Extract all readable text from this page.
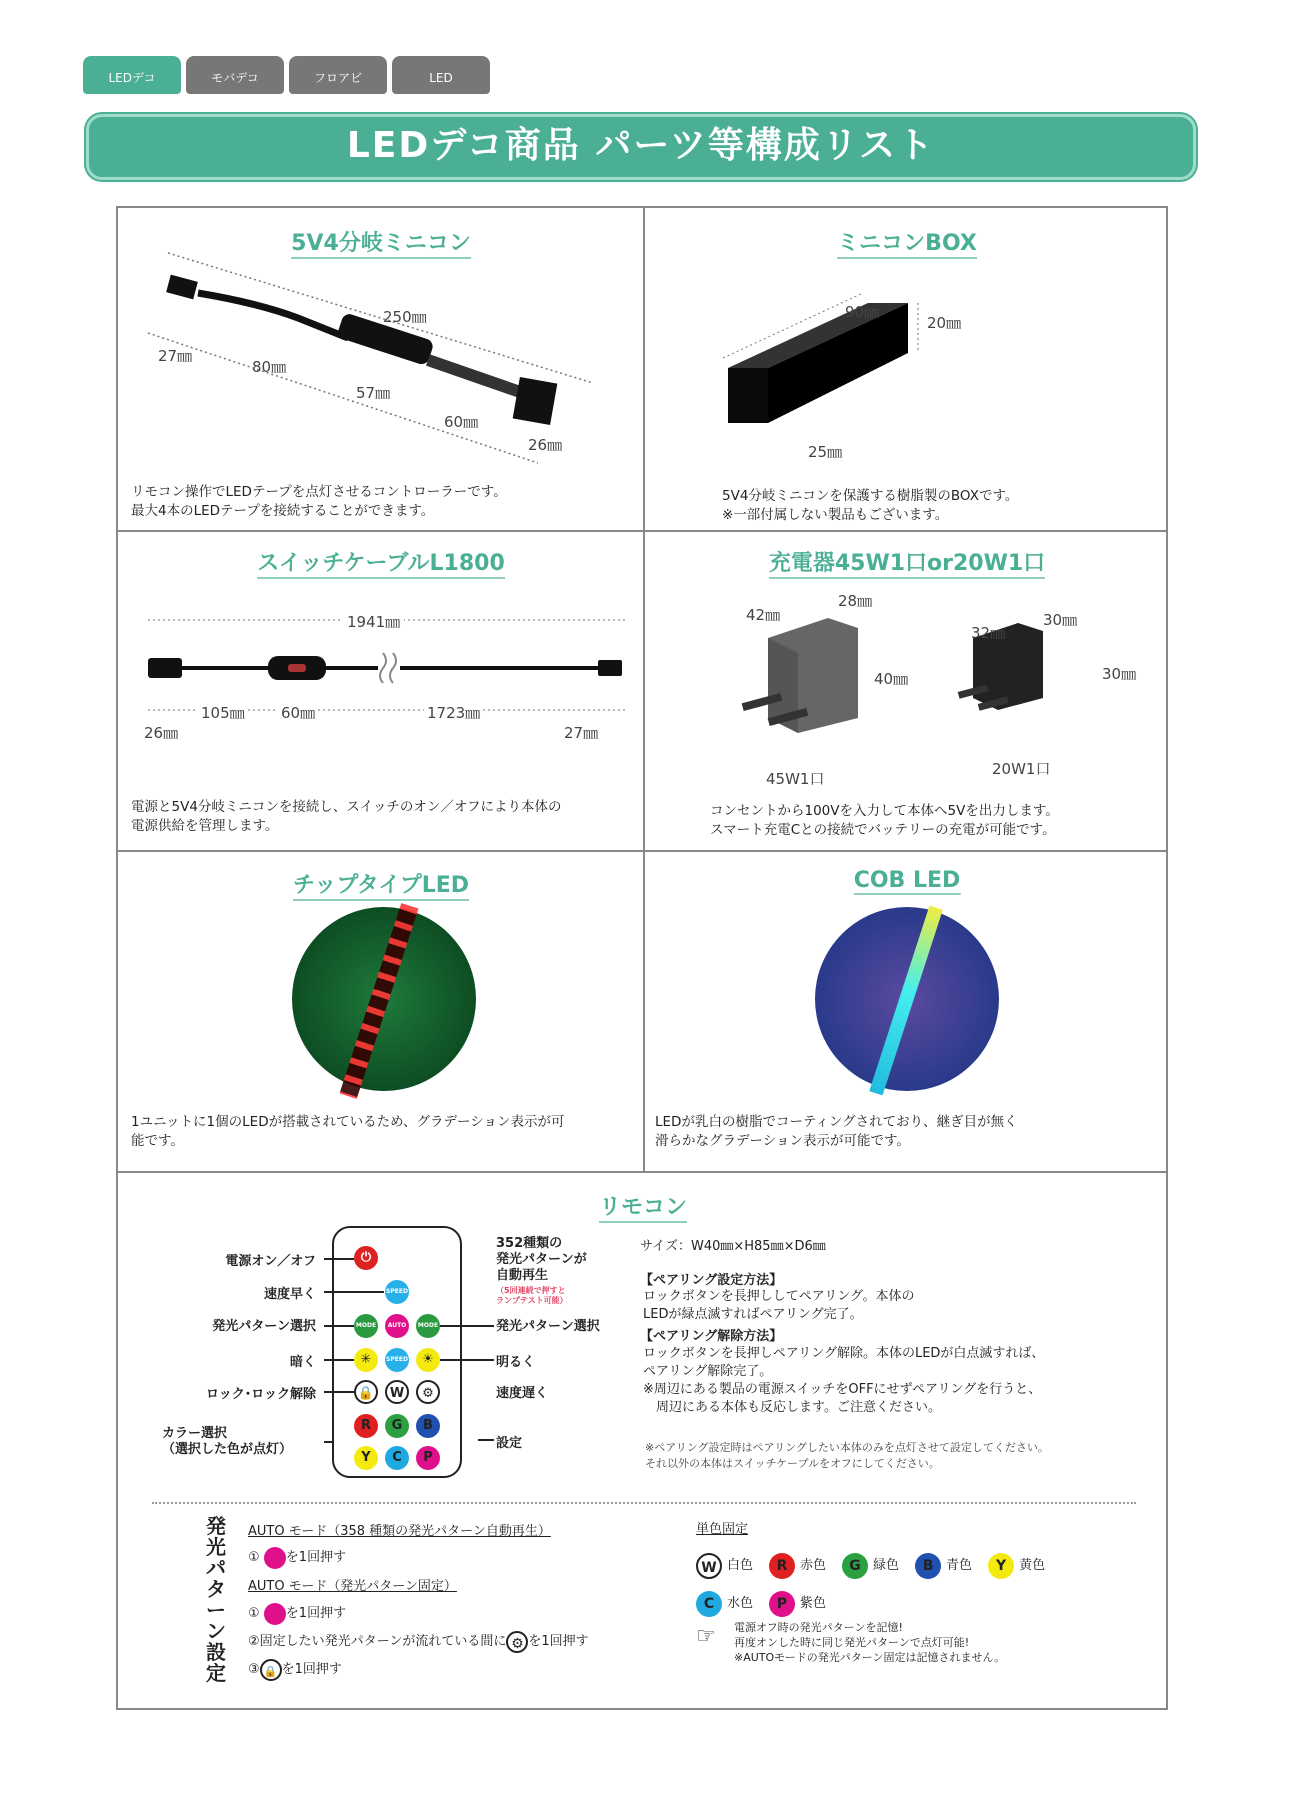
LEDデコ	モバデコ	フロアビ	LED
LEDデコ商品 パーツ等構成リスト
5V4分岐ミニコン
250㎜
27㎜
80㎜
57㎜
60㎜
26㎜
リモコン操作でLEDテープを点灯させるコントローラーです。
最大4本のLEDテープを接続することができます。
ミニコンBOX
90㎜
20㎜
25㎜
5V4分岐ミニコンを保護する樹脂製のBOXです。
※一部付属しない製品もございます。
スイッチケーブルL1800
1941㎜
105㎜ 60㎜	1723㎜
26㎜	27㎜
電源と5V4分岐ミニコンを接続し、スイッチのオン／オフにより本体の
電源供給を管理します。
充電器45W1口or20W1口
42㎜
28㎜
40㎜
45W1口
32㎜
30㎜
30㎜
20W1口
コンセントから100Vを入力して本体へ5Vを出力します。
スマート充電Cとの接続でバッテリーの充電が可能です。
チップタイプLED
1ユニットに1個のLEDが搭載されているため、グラデーション表示が可
能です。
COB LED
LEDが乳白の樹脂でコーティングされており、継ぎ目が無く
滑らかなグラデーション表示が可能です。
リモコン
⏻
SPEED
MODE	AUTO	MODE
✳	SPEED	☀
🔒	W	⚙
R	G	B
Y	C	P
電源オン／オフ
速度早く
発光パターン選択
暗く
ロック･ロック解除
カラー選択
（選択した色が点灯）
352種類の
発光パターンが
自動再生
（5回連続で押すと
ランプテスト可能）
発光パターン選択
明るく
速度遅く
設定
サイズ：W40㎜×H85㎜×D6㎜
【ペアリング設定方法】
ロックボタンを長押ししてペアリング。本体の
LEDが緑点滅すればペアリング完了。
【ペアリング解除方法】
ロックボタンを長押しペアリング解除。本体のLEDが白点滅すれば、
ペアリング解除完了。
※周辺にある製品の電源スイッチをOFFにせずペアリングを行うと、
　周辺にある本体も反応します。ご注意ください。
※ペアリング設定時はペアリングしたい本体のみを点灯させて設定してください。
それ以外の本体はスイッチケーブルをオフにしてください。
発光パターン設定
AUTO モード（358 種類の発光パターン自動再生）
① を1回押す
AUTO モード（発光パターン固定）
① を1回押す
②固定したい発光パターンが流れている間に ⚙ を1回押す
③ 🔒 を1回押す
単色固定
W 白色 R 赤色 G 緑色 B 青色 Y 黄色
C 水色 P 紫色
☞ 電源オフ時の発光パターンを記憶!
再度オンした時に同じ発光パターンで点灯可能!
※AUTOモードの発光パターン固定は記憶されません。
